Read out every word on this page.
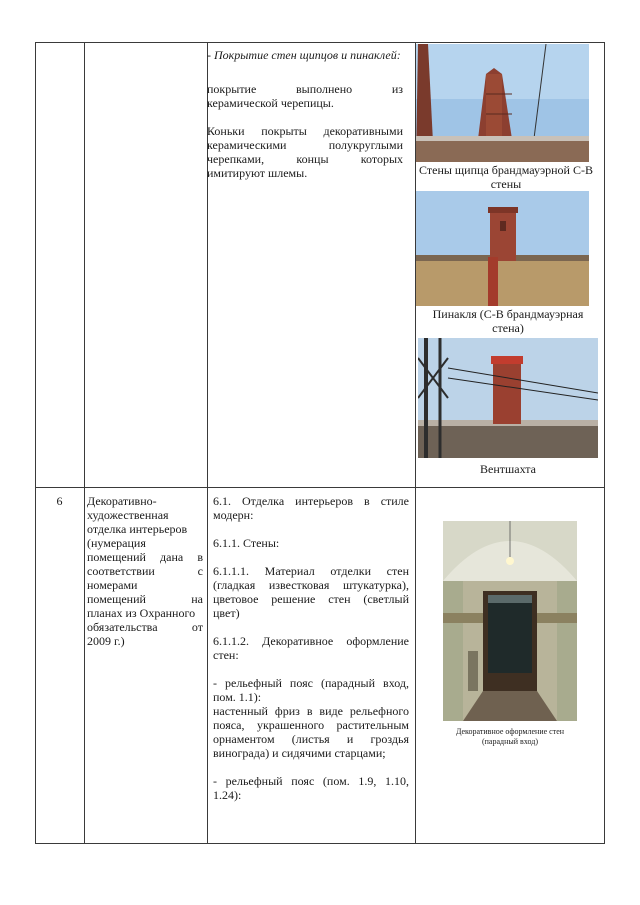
- Покрытие стен щипцов и пинаклей:

покрытие выполнено из керамической черепицы.

Коньки покрыты декоративными керамическими полукруглыми черепками, концы которых имитируют шлемы.	Стены щипца брандмауэрной С-В стены
Пинакля (С-В брандмауэрная стена)
Вентшахта
6	Декоративно-

художественная

отделка интерьеров

(нумерация

помещений дана в

соответствии с

номерами

помещений на

планах из Охранного

обязательства от

2009 г.)

6.1. Отделка интерьеров в стиле модерн:

6.1.1. Стены:

6.1.1.1. Материал отделки стен (гладкая известковая штукатурка), цветовое решение стен (светлый цвет)

6.1.1.2. Декоративное оформление стен:

- рельефный пояс (парадный вход, пом. 1.1):

настенный фриз в виде рельефного пояса, украшенного растительным орнаментом (листья и гроздья винограда) и сидячими старцами;

- рельефный пояс (пом. 1.9, 1.10, 1.24):

Декоративное оформление стен (парадный вход)
